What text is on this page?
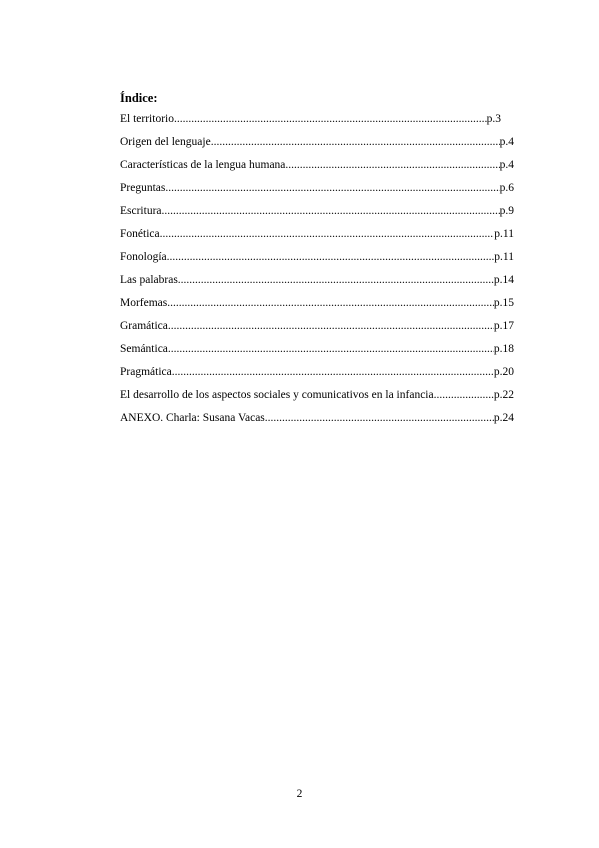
Índice:
El territorio .....	p.3
Origen del lenguaje .....	p.4
Características de la lengua humana .....	p.4
Preguntas .....	p.6
Escritura .....	p.9
Fonética .....	p.11
Fonología .....	p.11
Las palabras .....	p.14
Morfemas .....	p.15
Gramática .....	p.17
Semántica .....	p.18
Pragmática .....	p.20
El desarrollo de los aspectos sociales y comunicativos en la infancia .....	p.22
ANEXO. Charla: Susana Vacas .....	p.24
2
